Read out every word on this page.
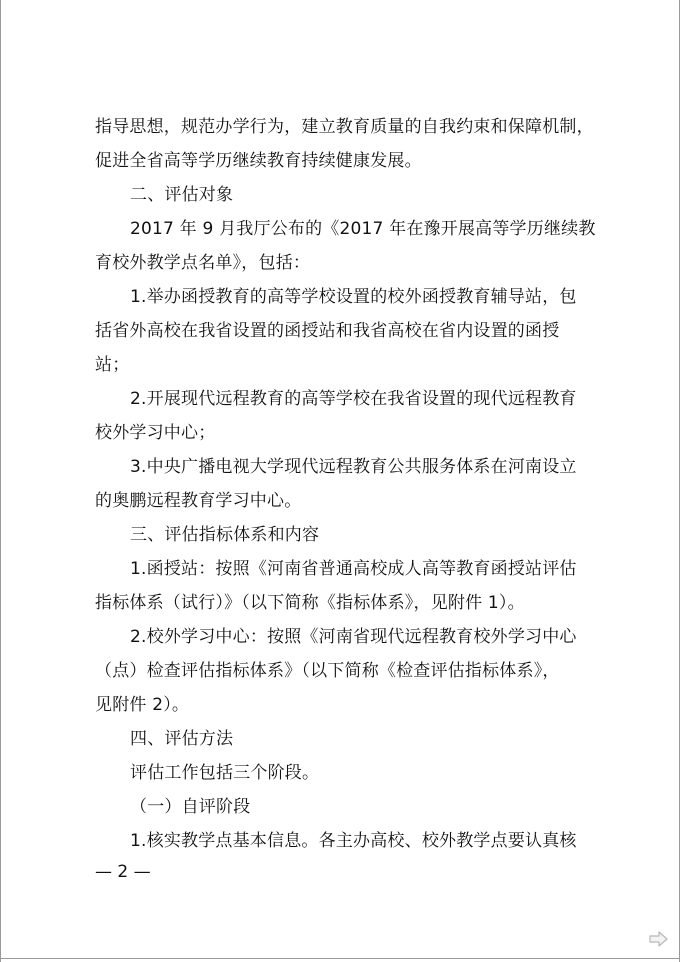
指导思想，规范办学行为，建立教育质量的自我约束和保障机制，
促进全省高等学历继续教育持续健康发展。
二、评估对象
2017 年 9 月我厅公布的《2017 年在豫开展高等学历继续教
育校外教学点名单》，包括：
1.举办函授教育的高等学校设置的校外函授教育辅导站，包
括省外高校在我省设置的函授站和我省高校在省内设置的函授
站；
2.开展现代远程教育的高等学校在我省设置的现代远程教育
校外学习中心；
3.中央广播电视大学现代远程教育公共服务体系在河南设立
的奥鹏远程教育学习中心。
三、评估指标体系和内容
1.函授站：按照《河南省普通高校成人高等教育函授站评估
指标体系（试行）》（以下简称《指标体系》，见附件 1）。
2.校外学习中心：按照《河南省现代远程教育校外学习中心
（点）检查评估指标体系》（以下简称《检查评估指标体系》，
见附件 2）。
四、评估方法
评估工作包括三个阶段。
（一）自评阶段
1.核实教学点基本信息。各主办高校、校外教学点要认真核
— 2 —
